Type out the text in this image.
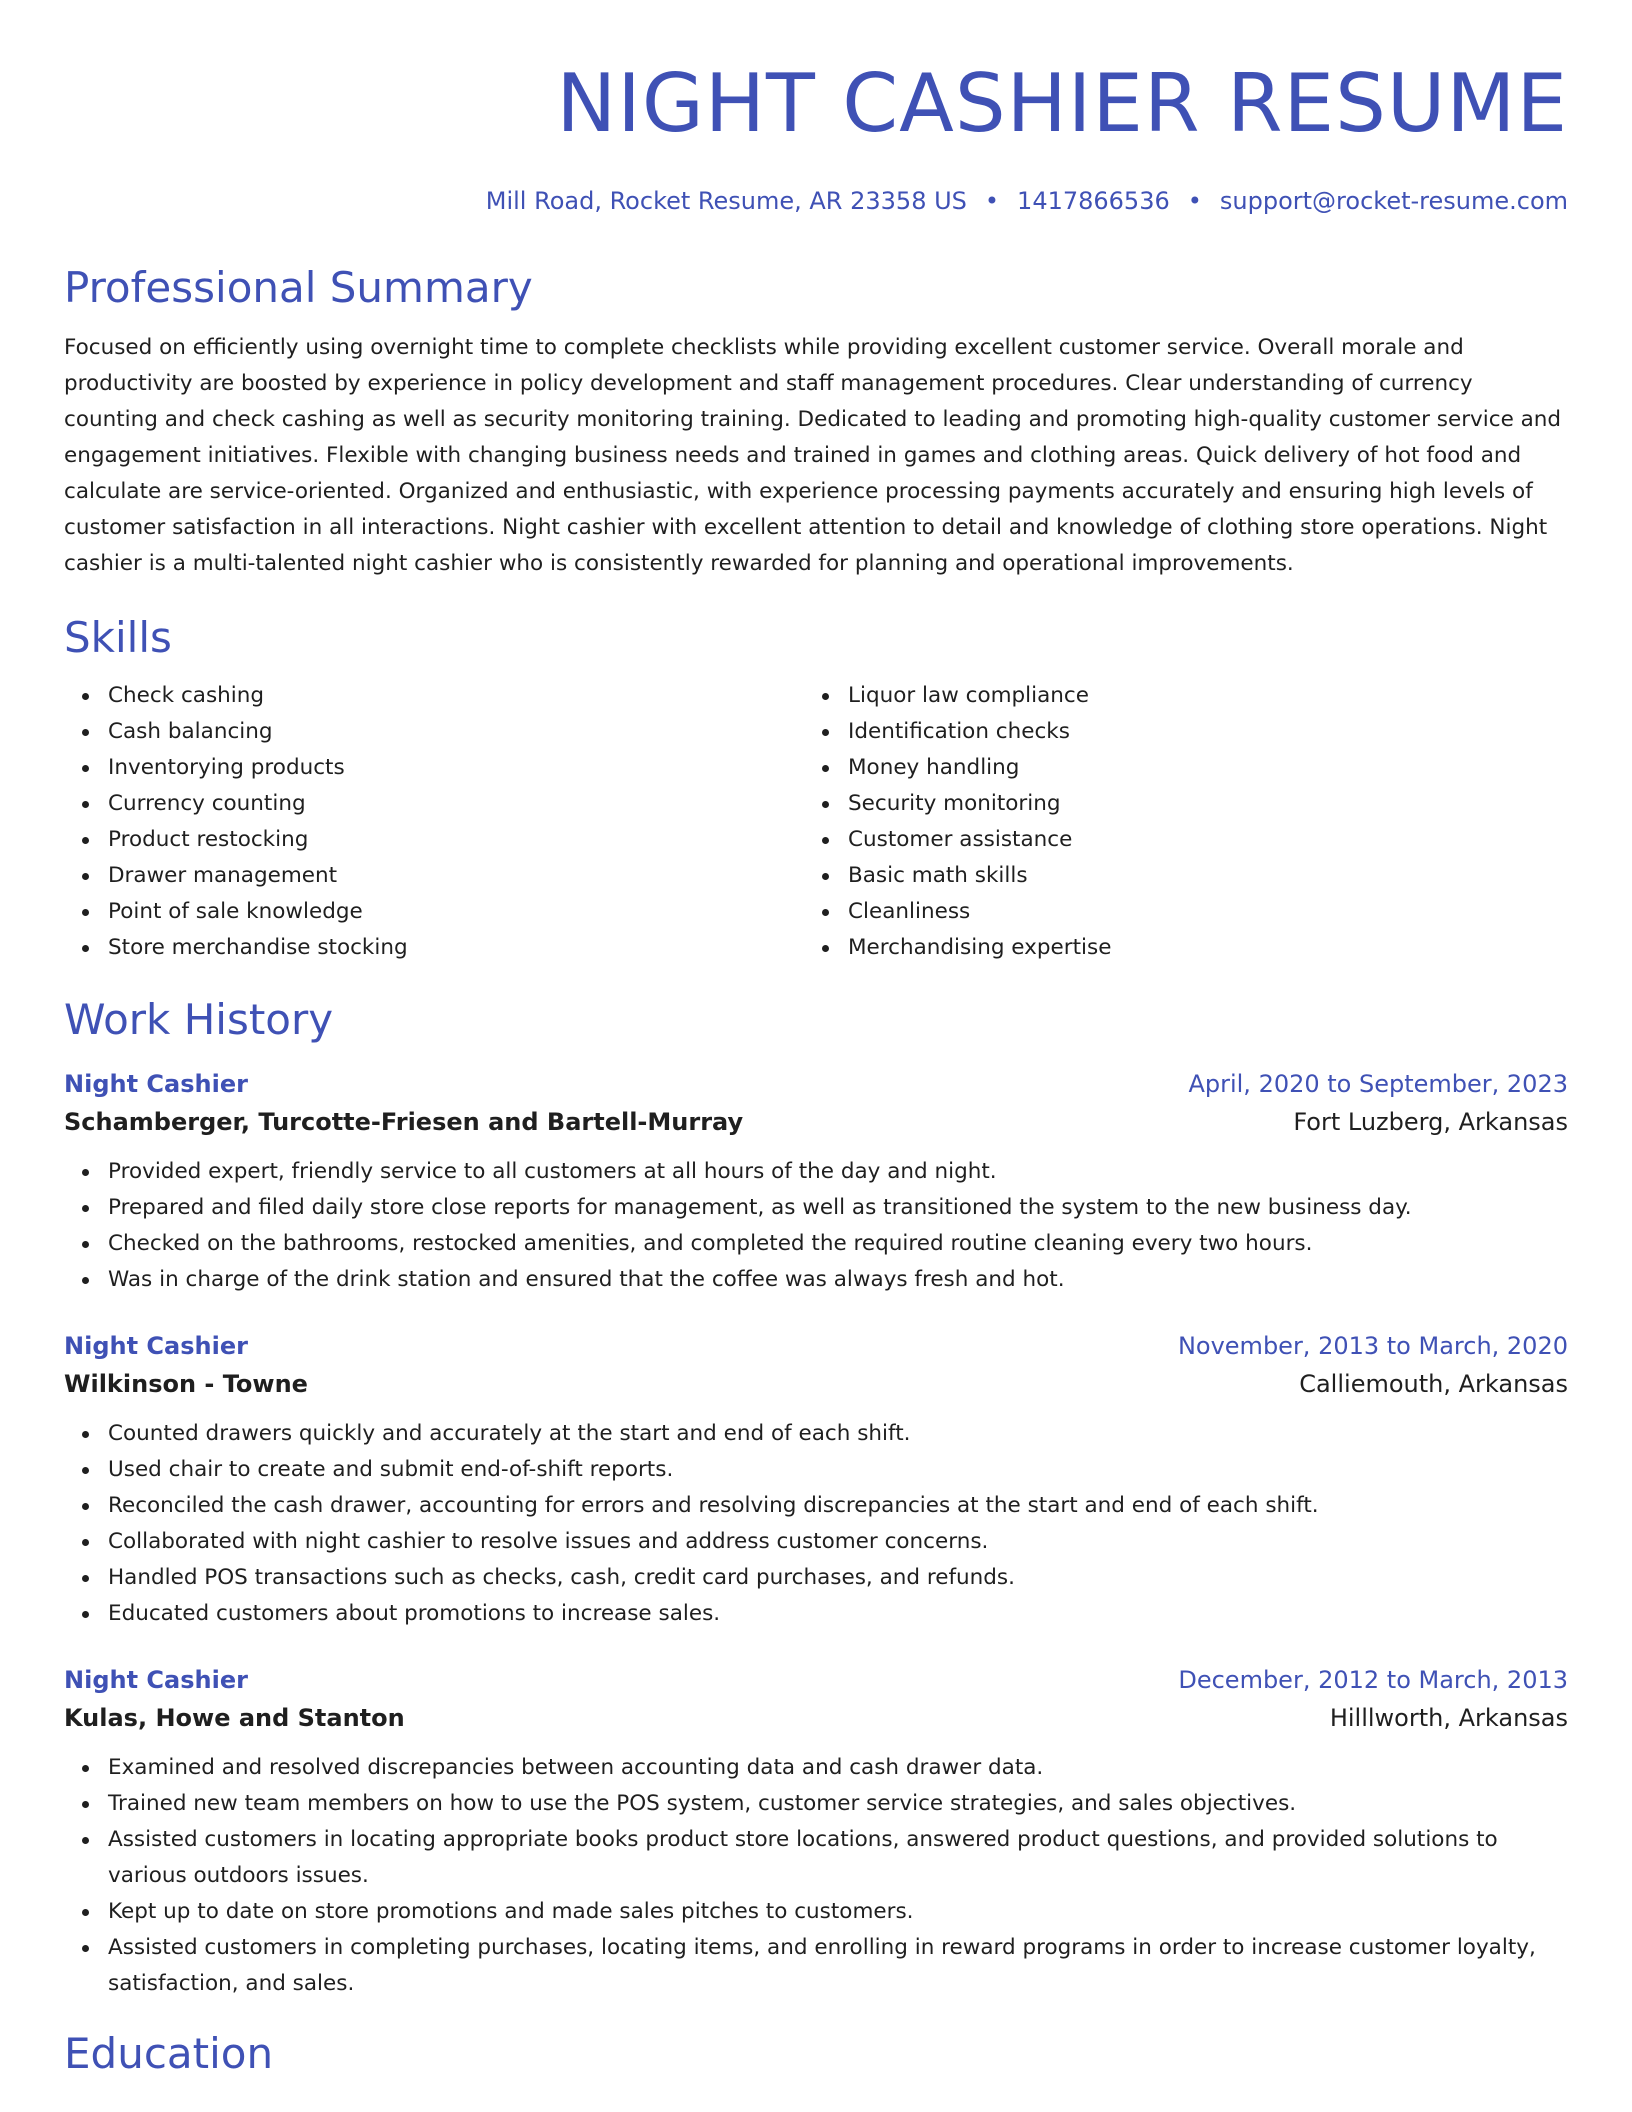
NIGHT CASHIER RESUME
Mill Road, Rocket Resume, AR 23358 US • 1417866536 • support@rocket-resume.com
Professional Summary

Focused on efficiently using overnight time to complete checklists while providing excellent customer service. Overall morale and productivity are boosted by experience in policy development and staff management procedures. Clear understanding of currency counting and check cashing as well as security monitoring training. Dedicated to leading and promoting high-quality customer service and engagement initiatives. Flexible with changing business needs and trained in games and clothing areas. Quick delivery of hot food and calculate are service-oriented. Organized and enthusiastic, with experience processing payments accurately and ensuring high levels of customer satisfaction in all interactions. Night cashier with excellent attention to detail and knowledge of clothing store operations. Night cashier is a multi-talented night cashier who is consistently rewarded for planning and operational improvements.

Skills
Check cashing
Cash balancing
Inventorying products
Currency counting
Product restocking
Drawer management
Point of sale knowledge
Store merchandise stocking
Liquor law compliance
Identification checks
Money handling
Security monitoring
Customer assistance
Basic math skills
Cleanliness
Merchandising expertise
Work History
Night Cashier	April, 2020 to September, 2023
Schamberger, Turcotte-Friesen and Bartell-Murray	Fort Luzberg, Arkansas
Provided expert, friendly service to all customers at all hours of the day and night.
Prepared and filed daily store close reports for management, as well as transitioned the system to the new business day.
Checked on the bathrooms, restocked amenities, and completed the required routine cleaning every two hours.
Was in charge of the drink station and ensured that the coffee was always fresh and hot.
Night Cashier	November, 2013 to March, 2020
Wilkinson - Towne	Calliemouth, Arkansas
Counted drawers quickly and accurately at the start and end of each shift.
Used chair to create and submit end-of-shift reports.
Reconciled the cash drawer, accounting for errors and resolving discrepancies at the start and end of each shift.
Collaborated with night cashier to resolve issues and address customer concerns.
Handled POS transactions such as checks, cash, credit card purchases, and refunds.
Educated customers about promotions to increase sales.
Night Cashier	December, 2012 to March, 2013
Kulas, Howe and Stanton	Hilllworth, Arkansas
Examined and resolved discrepancies between accounting data and cash drawer data.
Trained new team members on how to use the POS system, customer service strategies, and sales objectives.
Assisted customers in locating appropriate books product store locations, answered product questions, and provided solutions to various outdoors issues.
Kept up to date on store promotions and made sales pitches to customers.
Assisted customers in completing purchases, locating items, and enrolling in reward programs in order to increase customer loyalty, satisfaction, and sales.
Education
